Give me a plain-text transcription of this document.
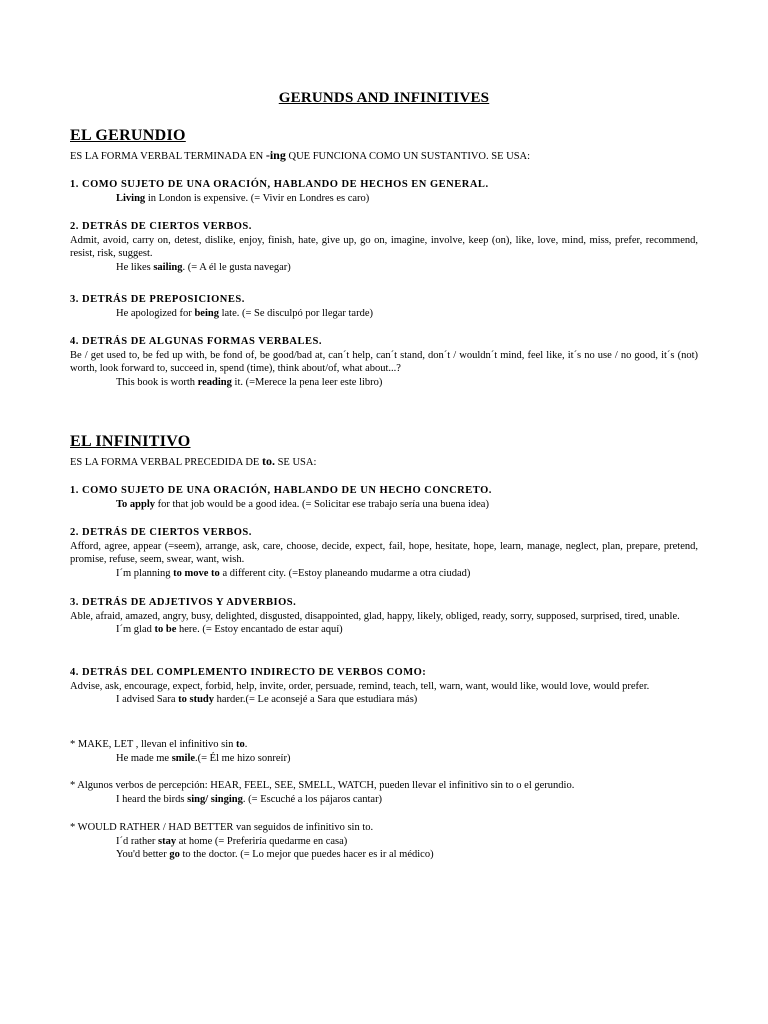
GERUNDS AND INFINITIVES
EL GERUNDIO
ES LA FORMA VERBAL TERMINADA EN -ing QUE FUNCIONA COMO UN SUSTANTIVO. SE USA:
1. COMO SUJETO DE UNA ORACIÓN, HABLANDO DE HECHOS EN GENERAL.
Living in London is expensive. (= Vivir en Londres es caro)
2. DETRÁS DE CIERTOS VERBOS.
Admit, avoid, carry on, detest, dislike, enjoy, finish, hate, give up, go on, imagine, involve, keep (on), like, love, mind, miss, prefer, recommend, resist, risk, suggest.
He likes sailing. (= A él le gusta navegar)
3. DETRÁS DE PREPOSICIONES.
He apologized for being late. (= Se disculpó por llegar tarde)
4. DETRÁS DE ALGUNAS FORMAS VERBALES.
Be / get used to, be fed up with, be fond of, be good/bad at, can´t help, can´t stand, don´t / wouldn´t mind, feel like, it´s no use / no good, it´s (not) worth, look forward to, succeed in, spend (time), think about/of, what about...?
This book is worth reading it. (=Merece la pena leer este libro)
EL INFINITIVO
ES LA FORMA VERBAL PRECEDIDA DE to. SE USA:
1. COMO SUJETO DE UNA ORACIÓN, HABLANDO DE UN HECHO CONCRETO.
To apply for that job would be a good idea. (= Solicitar ese trabajo sería una buena idea)
2. DETRÁS DE CIERTOS VERBOS.
Afford, agree, appear (=seem), arrange, ask, care, choose, decide, expect, fail, hope, hesitate, hope, learn, manage, neglect, plan, prepare, pretend, promise, refuse, seem, swear, want, wish.
I´m planning to move to a different city. (=Estoy planeando mudarme a otra ciudad)
3. DETRÁS DE ADJETIVOS Y ADVERBIOS.
Able, afraid, amazed, angry, busy, delighted, disgusted, disappointed, glad, happy, likely, obliged, ready, sorry, supposed, surprised, tired, unable.
I´m glad to be here. (= Estoy encantado de estar aquí)
4. DETRÁS DEL COMPLEMENTO INDIRECTO DE VERBOS COMO:
Advise, ask, encourage, expect, forbid, help, invite, order, persuade, remind, teach, tell, warn, want, would like, would love, would prefer.
I advised Sara to study harder.(= Le aconsejé a Sara que estudiara más)
* MAKE, LET , llevan el infinitivo sin to.
He made me smile.(= Él me hizo sonreír)
* Algunos verbos de percepción: HEAR, FEEL, SEE, SMELL, WATCH, pueden llevar el infinitivo sin to o el gerundio.
I heard the birds sing/ singing. (= Escuché a los pájaros cantar)
* WOULD RATHER / HAD BETTER van seguidos de infinitivo sin to.
I´d rather stay at home (= Preferiría quedarme en casa)
You'd better go to the doctor. (= Lo mejor que puedes hacer es ir al médico)
